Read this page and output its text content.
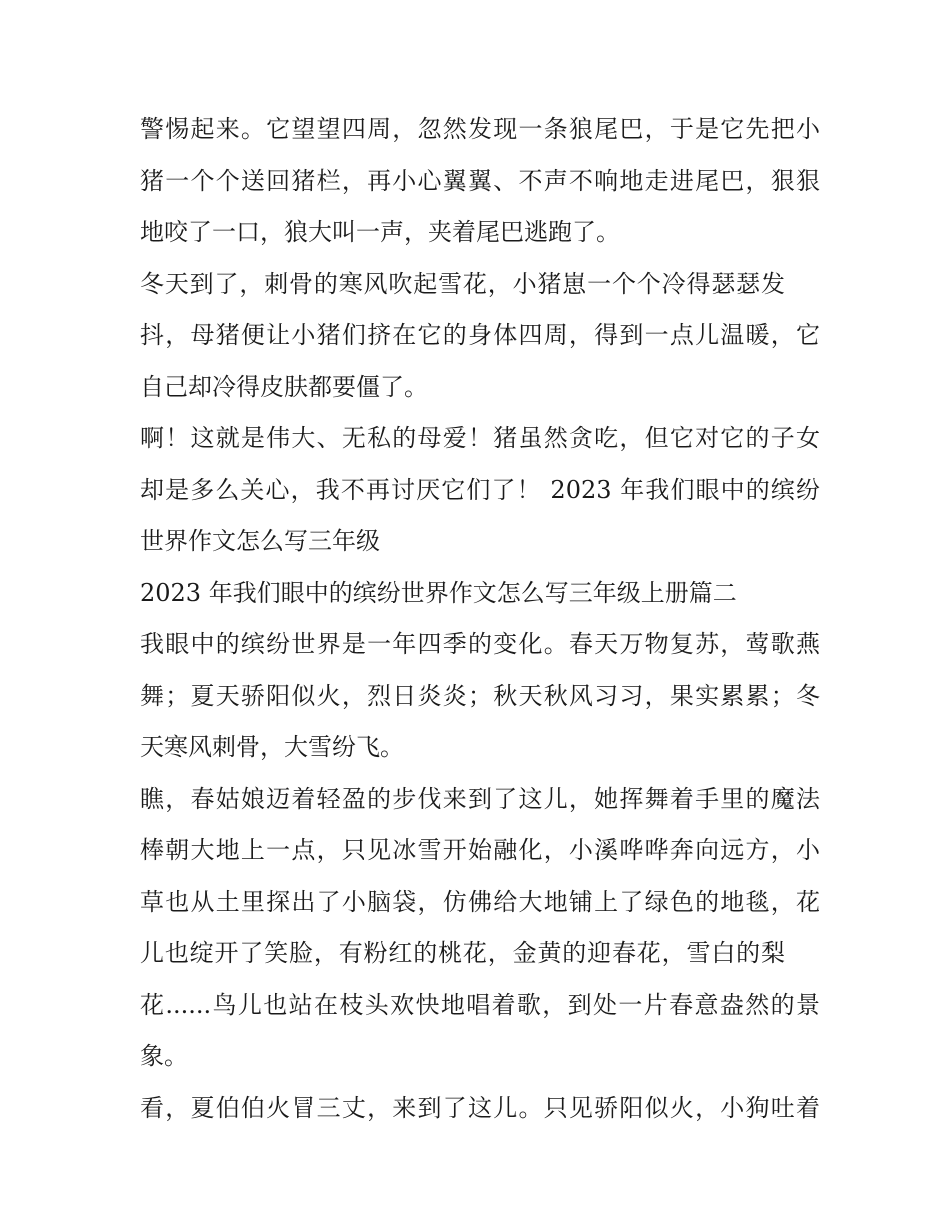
警惕起来。它望望四周，忽然发现一条狼尾巴，于是它先把小
猪一个个送回猪栏，再小心翼翼、不声不响地走进尾巴，狠狠
地咬了一口，狼大叫一声，夹着尾巴逃跑了。
冬天到了，刺骨的寒风吹起雪花，小猪崽一个个冷得瑟瑟发
抖，母猪便让小猪们挤在它的身体四周，得到一点儿温暖，它
自己却冷得皮肤都要僵了。
啊！这就是伟大、无私的母爱！猪虽然贪吃，但它对它的子女
却是多么关心，我不再讨厌它们了！ 2023 年我们眼中的缤纷
世界作文怎么写三年级
2023 年我们眼中的缤纷世界作文怎么写三年级上册篇二
我眼中的缤纷世界是一年四季的变化。春天万物复苏，莺歌燕
舞；夏天骄阳似火，烈日炎炎；秋天秋风习习，果实累累；冬
天寒风刺骨，大雪纷飞。
瞧，春姑娘迈着轻盈的步伐来到了这儿，她挥舞着手里的魔法
棒朝大地上一点，只见冰雪开始融化，小溪哗哗奔向远方，小
草也从土里探出了小脑袋，仿佛给大地铺上了绿色的地毯，花
儿也绽开了笑脸，有粉红的桃花，金黄的迎春花，雪白的梨
花......鸟儿也站在枝头欢快地唱着歌，到处一片春意盎然的景
象。
看，夏伯伯火冒三丈，来到了这儿。只见骄阳似火，小狗吐着
